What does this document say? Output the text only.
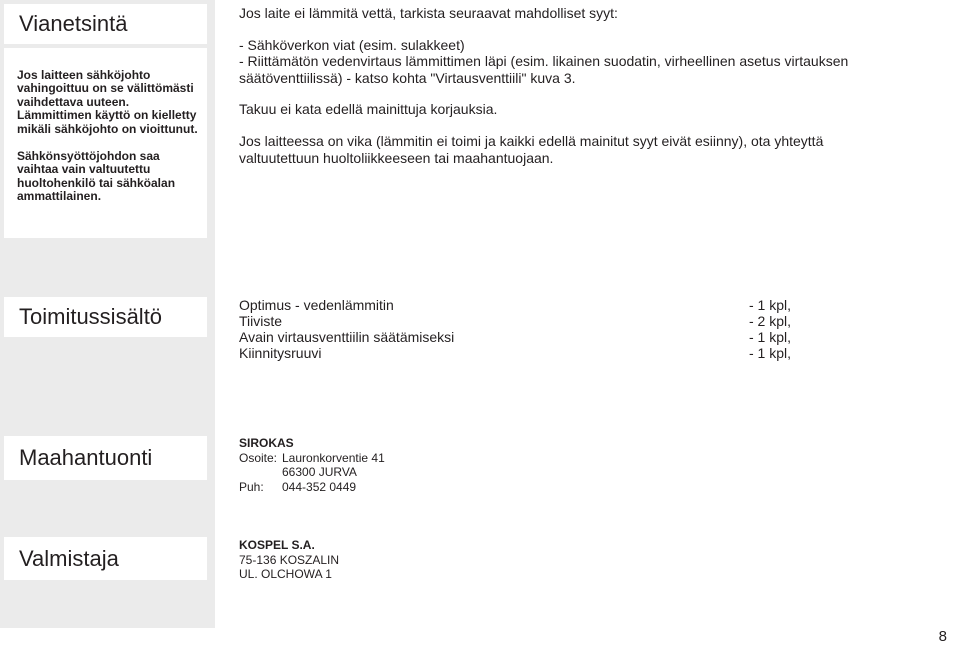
Vianetsintä

Jos laitteen sähköjohto vahingoittuu on se välittömästi vaihdettava uuteen. Lämmittimen käyttö on kielletty mikäli sähköjohto on vioittunut.

Sähkönsyöttöjohdon saa vaihtaa vain valtuutettu huoltohenkilö tai sähköalan ammattilainen.

Toimitussisältö
Maahantuonti
Valmistaja

Jos laite ei lämmitä vettä, tarkista seuraavat mahdolliset syyt:

- Sähköverkon viat (esim. sulakkeet)

- Riittämätön vedenvirtaus lämmittimen läpi (esim. likainen suodatin, virheellinen asetus virtauksen säätöventtiilissä) - katso kohta "Virtausventtiili" kuva 3.

Takuu ei kata edellä mainittuja korjauksia.

Jos laitteessa on vika (lämmitin ei toimi ja kaikki edellä mainitut syyt eivät esiinny), ota yhteyttä valtuutettuun huoltoliikkeeseen tai maahantuojaan.

Optimus - vedenlämmitin	- 1 kpl,
Tiiviste	- 2 kpl,
Avain virtausventtiilin säätämiseksi	- 1 kpl,
Kiinnitysruuvi	- 1 kpl,
SIROKAS
Osoite: Lauronkorventie 41
66300 JURVA
Puh:	044-352 0449
KOSPEL S.A.
75-136 KOSZALIN
UL. OLCHOWA 1
8
